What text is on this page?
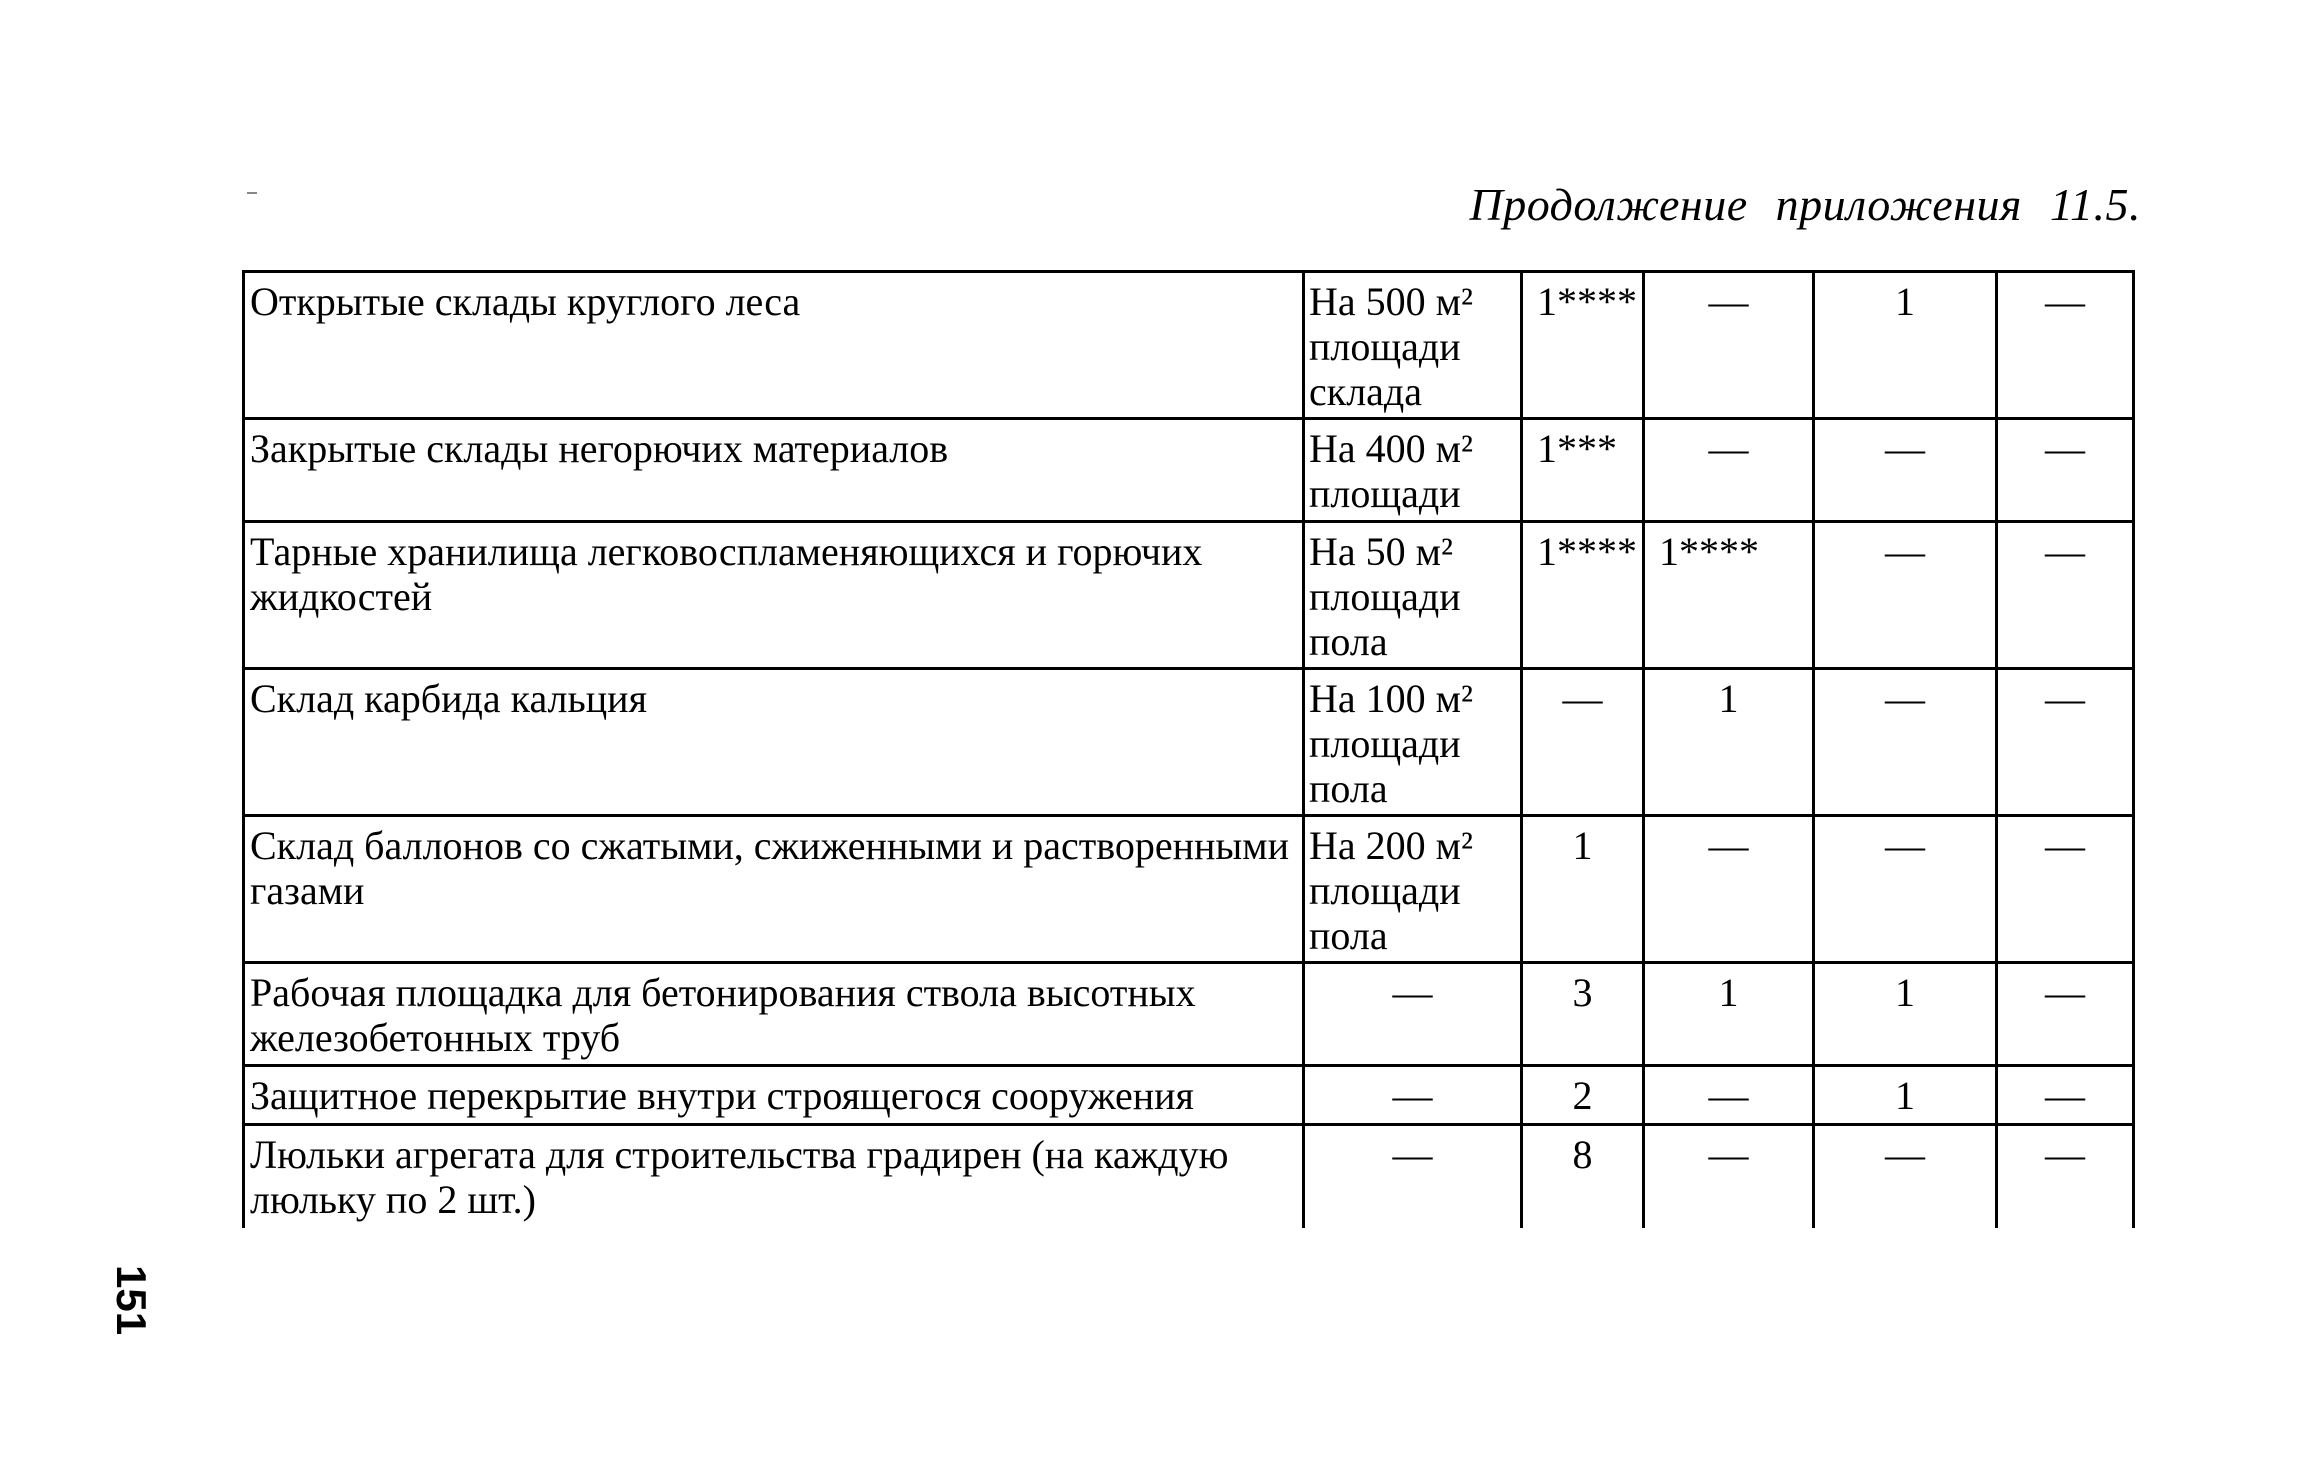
Продолжение приложения 11.5.
Открытые склады круглого леса	На 500 м² площади склада	1****	—	1	—
Закрытые склады негорючих материалов	На 400 м² площади	1***	—	—	—
Тарные хранилища легковоспламеняющихся и горючих жидкостей	На 50 м² площади пола	1****	1****	—	—
Склад карбида кальция	На 100 м² площади пола	—	1	—	—
Склад баллонов со сжатыми, сжиженными и растворенными газами	На 200 м² площади пола	1	—	—	—
Рабочая площадка для бетонирования ствола высотных железобетонных труб	—	3	1	1	—
Защитное перекрытие внутри строящегося сооружения	—	2	—	1	—
Люльки агрегата для строительства градирен (на каждую люльку по 2 шт.)	—	8	—	—	—
151
